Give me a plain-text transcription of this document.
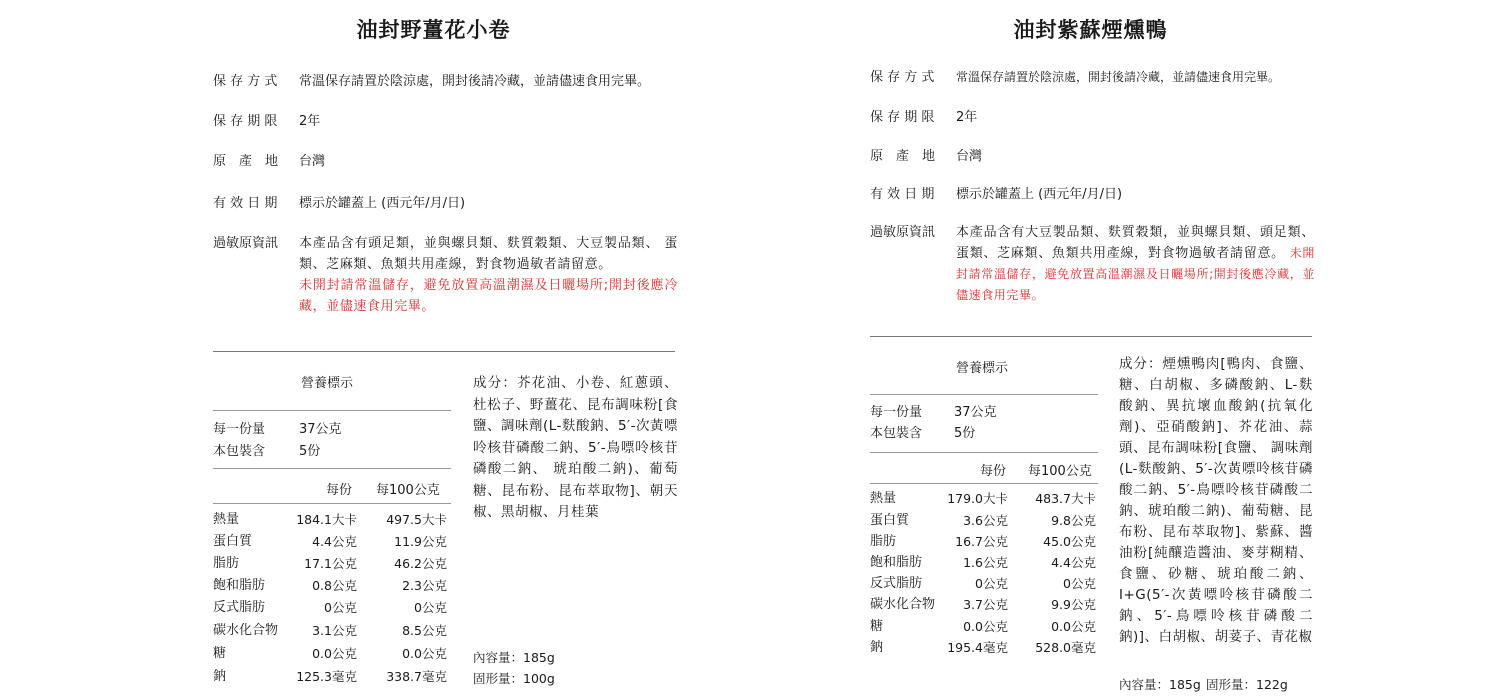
油封野薑花小卷
保 存 方 式	常溫保存請置於陰涼處，開封後請冷藏，並請儘速食用完畢。
保 存 期 限	2年
原　產　地	台灣
有 效 日 期	標示於罐蓋上 (西元年/月/日)
過敏原資訊	本產品含有頭足類，並與螺貝類、麩質穀類、大豆製品類、 蛋類、芝麻類、魚類共用產線，對食物過敏者請留意。
未開封請常溫儲存，避免放置高溫潮濕及日曬場所;開封後應冷藏，並儘速食用完畢。
營養標示
每一份量	37公克
本包裝含	5份
每份 每100公克
熱量	184.1大卡 497.5大卡
蛋白質	4.4公克	11.9公克
脂肪	17.1公克	46.2公克
飽和脂肪	0.8公克	2.3公克
反式脂肪	0公克	0公克
碳水化合物	3.1公克	8.5公克
糖	0.0公克	0.0公克
鈉	125.3毫克 338.7毫克
成分：芥花油、小卷、紅蔥頭、杜松子、野薑花、昆布調味粉[食鹽、調味劑(L-麩酸鈉、5′-次黃嘌呤核苷磷酸二鈉、5′-鳥嘌呤核苷磷酸二鈉、 琥珀酸二鈉)、葡萄糖、昆布粉、昆布萃取物]、朝天椒、黑胡椒、月桂葉
內容量：185g
固形量：100g
油封紫蘇煙燻鴨
保 存 方 式	常溫保存請置於陰涼處，開封後請冷藏，並請儘速食用完畢。
保 存 期 限	2年
原　產　地	台灣
有 效 日 期	標示於罐蓋上 (西元年/月/日)
過敏原資訊	本產品含有大豆製品類、麩質穀類，並與螺貝類、頭足類、蛋類、芝麻類、魚類共用產線，對食物過敏者請留意。 未開封請常溫儲存，避免放置高溫潮濕及日曬場所;開封後應冷藏，並儘速食用完畢。
營養標示
每一份量 37公克
本包裝含 5份
每份 每100公克
熱量	179.0大卡 483.7大卡
蛋白質	3.6公克	9.8公克
脂肪	16.7公克	45.0公克
飽和脂肪	1.6公克	4.4公克
反式脂肪	0公克	0公克
碳水化合物 3.7公克	9.9公克
糖	0.0公克	0.0公克
鈉	195.4毫克 528.0毫克
成分：煙燻鴨肉[鴨肉、食鹽、糖、白胡椒、多磷酸鈉、L-麩酸鈉、異抗壞血酸鈉(抗氧化劑)、亞硝酸鈉]、芥花油、蒜頭、昆布調味粉[食鹽、 調味劑(L-麩酸鈉、5′-次黃嘌呤核苷磷酸二鈉、5′-鳥嘌呤核苷磷酸二鈉、琥珀酸二鈉)、葡萄糖、昆布粉、昆布萃取物]、紫蘇、醬油粉[純釀造醬油、麥芽糊精、食鹽、砂糖、琥珀酸二鈉、I+G(5′-次黃嘌呤核苷磷酸二鈉、5′-鳥嘌呤核苷磷酸二鈉)]、白胡椒、胡荽子、青花椒
內容量：185g 固形量：122g
